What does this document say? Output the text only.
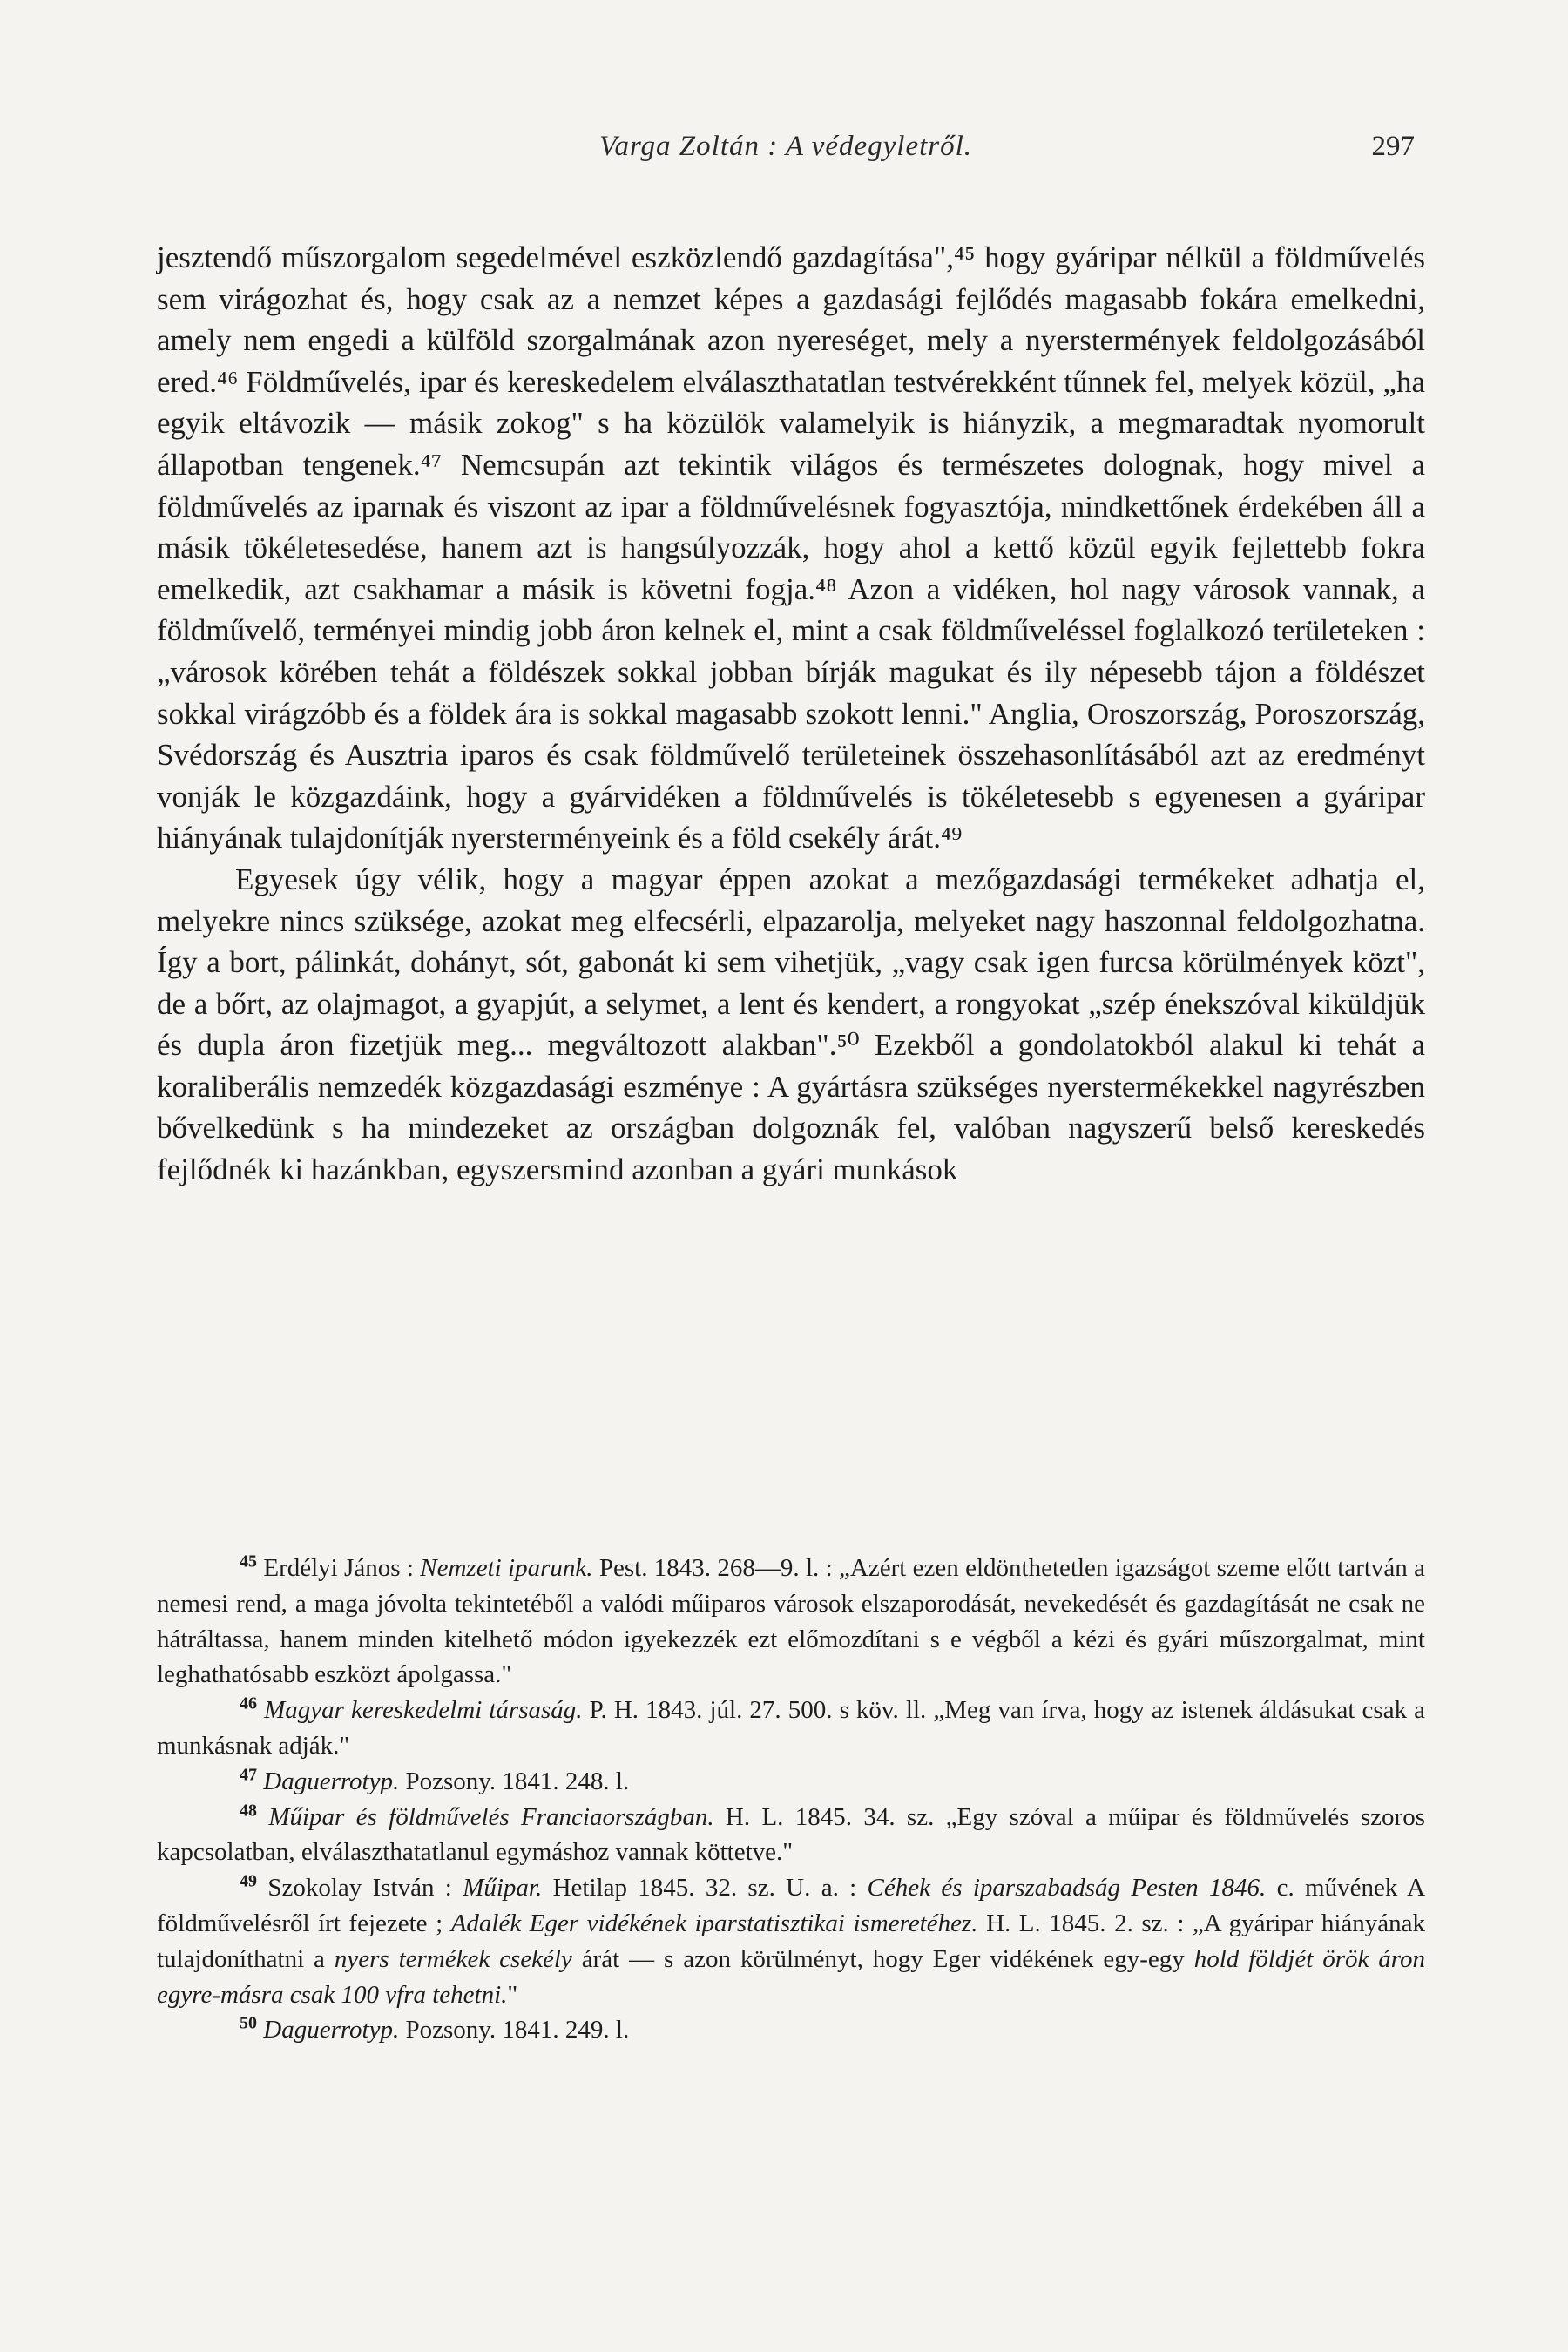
Varga Zoltán : A védegyletről.	297

jesztendő műszorgalom segedelmével eszközlendő gazdagítása",⁴⁵ hogy gyáripar nélkül a földművelés sem virágozhat és, hogy csak az a nemzet képes a gazdasági fejlődés magasabb fokára emelkedni, amely nem engedi a külföld szorgalmának azon nyereséget, mely a nyerstermények feldolgozásából ered.⁴⁶ Földművelés, ipar és kereskedelem elválaszthatatlan testvérekként tűnnek fel, melyek közül, „ha egyik eltávozik — másik zokog" s ha közülök valamelyik is hiányzik, a megmaradtak nyomorult állapotban tengenek.⁴⁷ Nemcsupán azt tekintik világos és természetes dolognak, hogy mivel a földművelés az iparnak és viszont az ipar a földművelésnek fogyasztója, mindkettőnek érdekében áll a másik tökéletesedése, hanem azt is hangsúlyozzák, hogy ahol a kettő közül egyik fejlettebb fokra emelkedik, azt csakhamar a másik is követni fogja.⁴⁸ Azon a vidéken, hol nagy városok vannak, a földművelő, terményei mindig jobb áron kelnek el, mint a csak földműveléssel foglalkozó területeken : „városok körében tehát a földészek sokkal jobban bírják magukat és ily népesebb tájon a földészet sokkal virágzóbb és a földek ára is sokkal magasabb szokott lenni." Anglia, Oroszország, Poroszország, Svédország és Ausztria iparos és csak földművelő területeinek összehasonlításából azt az eredményt vonják le közgazdáink, hogy a gyárvidéken a földművelés is tökéletesebb s egyenesen a gyáripar hiányának tulajdonítják nyersterményeink és a föld csekély árát.⁴⁹

Egyesek úgy vélik, hogy a magyar éppen azokat a mezőgazdasági termékeket adhatja el, melyekre nincs szüksége, azokat meg elfecsérli, elpazarolja, melyeket nagy haszonnal feldolgozhatna. Így a bort, pálinkát, dohányt, sót, gabonát ki sem vihetjük, „vagy csak igen furcsa körülmények közt", de a bőrt, az olajmagot, a gyapjút, a selymet, a lent és kendert, a rongyokat „szép énekszóval kiküldjük és dupla áron fizetjük meg... megváltozott alakban".⁵⁰ Ezekből a gondolatokból alakul ki tehát a koraliberális nemzedék közgazdasági eszménye : A gyártásra szükséges nyerstermékekkel nagyrészben bővelkedünk s ha mindezeket az országban dolgoznák fel, valóban nagyszerű belső kereskedés fejlődnék ki hazánkban, egyszersmind azonban a gyári munkások

$^{45}$ Erdélyi János : Nemzeti iparunk. Pest. 1843. 268—9. l. : „Azért ezen eldönthetetlen igazságot szeme előtt tartván a nemesi rend, a maga jóvolta tekintetéből a valódi műiparos városok elszaporodását, nevekedését és gazdagítását ne csak ne hátráltassa, hanem minden kitelhető módon igyekezzék ezt előmozdítani s e végből a kézi és gyári műszorgalmat, mint leghathatósabb eszközt ápolgassa."

$^{46}$ Magyar kereskedelmi társaság. P. H. 1843. júl. 27. 500. s köv. ll. „Meg van írva, hogy az istenek áldásukat csak a munkásnak adják."

$^{47}$ Daguerrotyp. Pozsony. 1841. 248. l.

$^{48}$ Műipar és földművelés Franciaországban. H. L. 1845. 34. sz. „Egy szóval a műipar és földművelés szoros kapcsolatban, elválaszthatatlanul egymáshoz vannak köttetve."

$^{49}$ Szokolay István : Műipar. Hetilap 1845. 32. sz. U. a. : Céhek és iparszabadság Pesten 1846. c. művének A földművelésről írt fejezete ; Adalék Eger vidékének iparstatisztikai ismeretéhez. H. L. 1845. 2. sz. : „A gyáripar hiányának tulajdoníthatni a nyers termékek csekély árát — s azon körülményt, hogy Eger vidékének egy-egy hold földjét örök áron egyre-másra csak 100 vfra tehetni."

$^{50}$ Daguerrotyp. Pozsony. 1841. 249. l.
